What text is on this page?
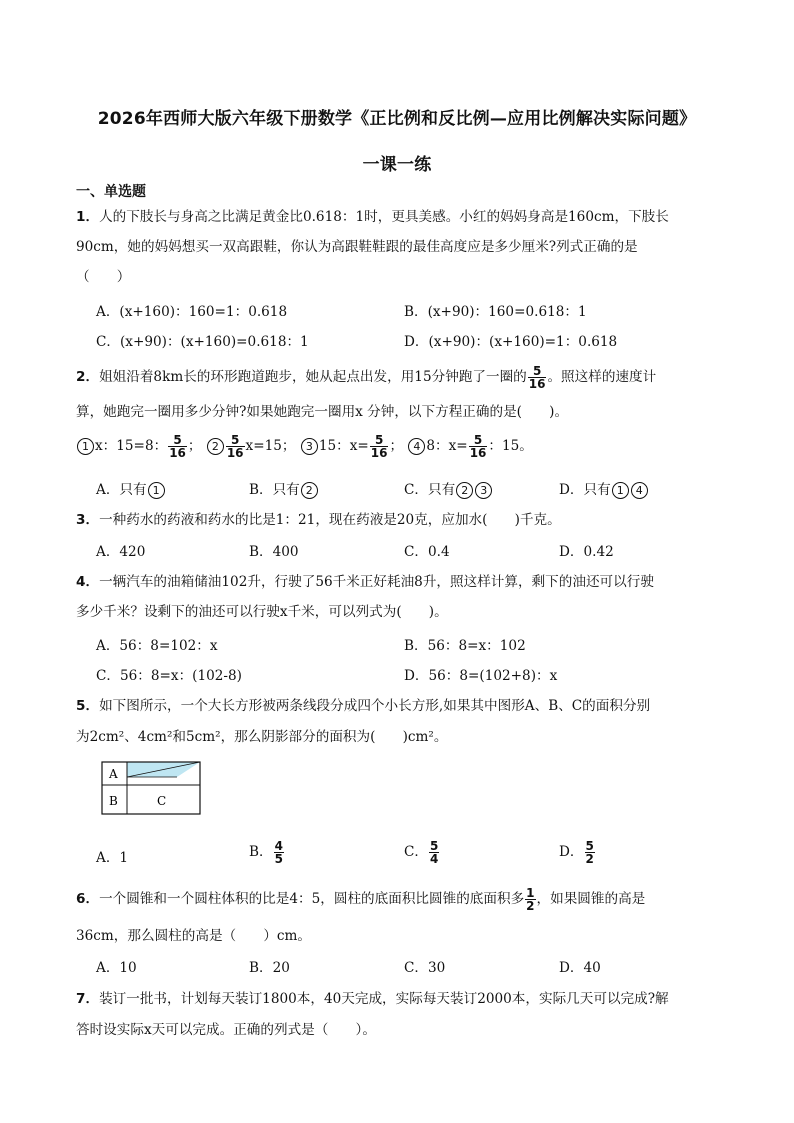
2026年西师大版六年级下册数学《正比例和反比例—应用比例解决实际问题》
一课一练
一、单选题
1．人的下肢长与身高之比满足黄金比0.618：1时，更具美感。小红的妈妈身高是160cm，下肢长
90cm，她的妈妈想买一双高跟鞋，你认为高跟鞋鞋跟的最佳高度应是多少厘米?列式正确的是
（　　）
A．(x+160)：160=1：0.618	B．(x+90)：160=0.618：1
C．(x+90)：(x+160)=0.618：1	D．(x+90)：(x+160)=1：0.618
2．姐姐沿着8km长的环形跑道跑步，她从起点出发，用15分钟跑了一圈的 $\frac{5}{16}$ 。照这样的速度计
算，她跑完一圈用多少分钟?如果她跑完一圈用x 分钟，以下方程正确的是(　　)。
1 x：15=8： $\frac{5}{16}$ ； $2 \frac{5}{16} x=15$； 3 15：$x= \frac{5}{16}$ ； 4 8：$x= \frac{5}{16}$ ：15。
A．只有 1	B．只有 2	C．只有 2 3	D．只有 1 4
3．一种药水的药液和药水的比是1：21，现在药液是20克，应加水(　　)千克。
A．420	B．400	C．0.4	D．0.42
4．一辆汽车的油箱储油102升，行驶了56千米正好耗油8升，照这样计算，剩下的油还可以行驶
多少千米？设剩下的油还可以行驶x千米，可以列式为(　　)。
A．56：8=102：x	B．56：8=x：102
C．56：8=x：(102-8)	D．56：8=(102+8)：x
5．如下图所示，一个大长方形被两条线段分成四个小长方形,如果其中图形A、B、C的面积分别
为2cm²、4cm²和5cm²，那么阴影部分的面积为(　　)cm²。
A
B	C
A．1	B． $\frac{4}{5}$	C． $\frac{5}{4}$	D． $\frac{5}{2}$
6．一个圆锥和一个圆柱体积的比是4：5，圆柱的底面积比圆锥的底面积多 $\frac{1}{2}$ ，如果圆锥的高是
36cm，那么圆柱的高是（　　）cm。
A．10	B．20	C．30	D．40
7．装订一批书，计划每天装订1800本，40天完成，实际每天装订2000本，实际几天可以完成?解
答时设实际x天可以完成。正确的列式是（　　）。
